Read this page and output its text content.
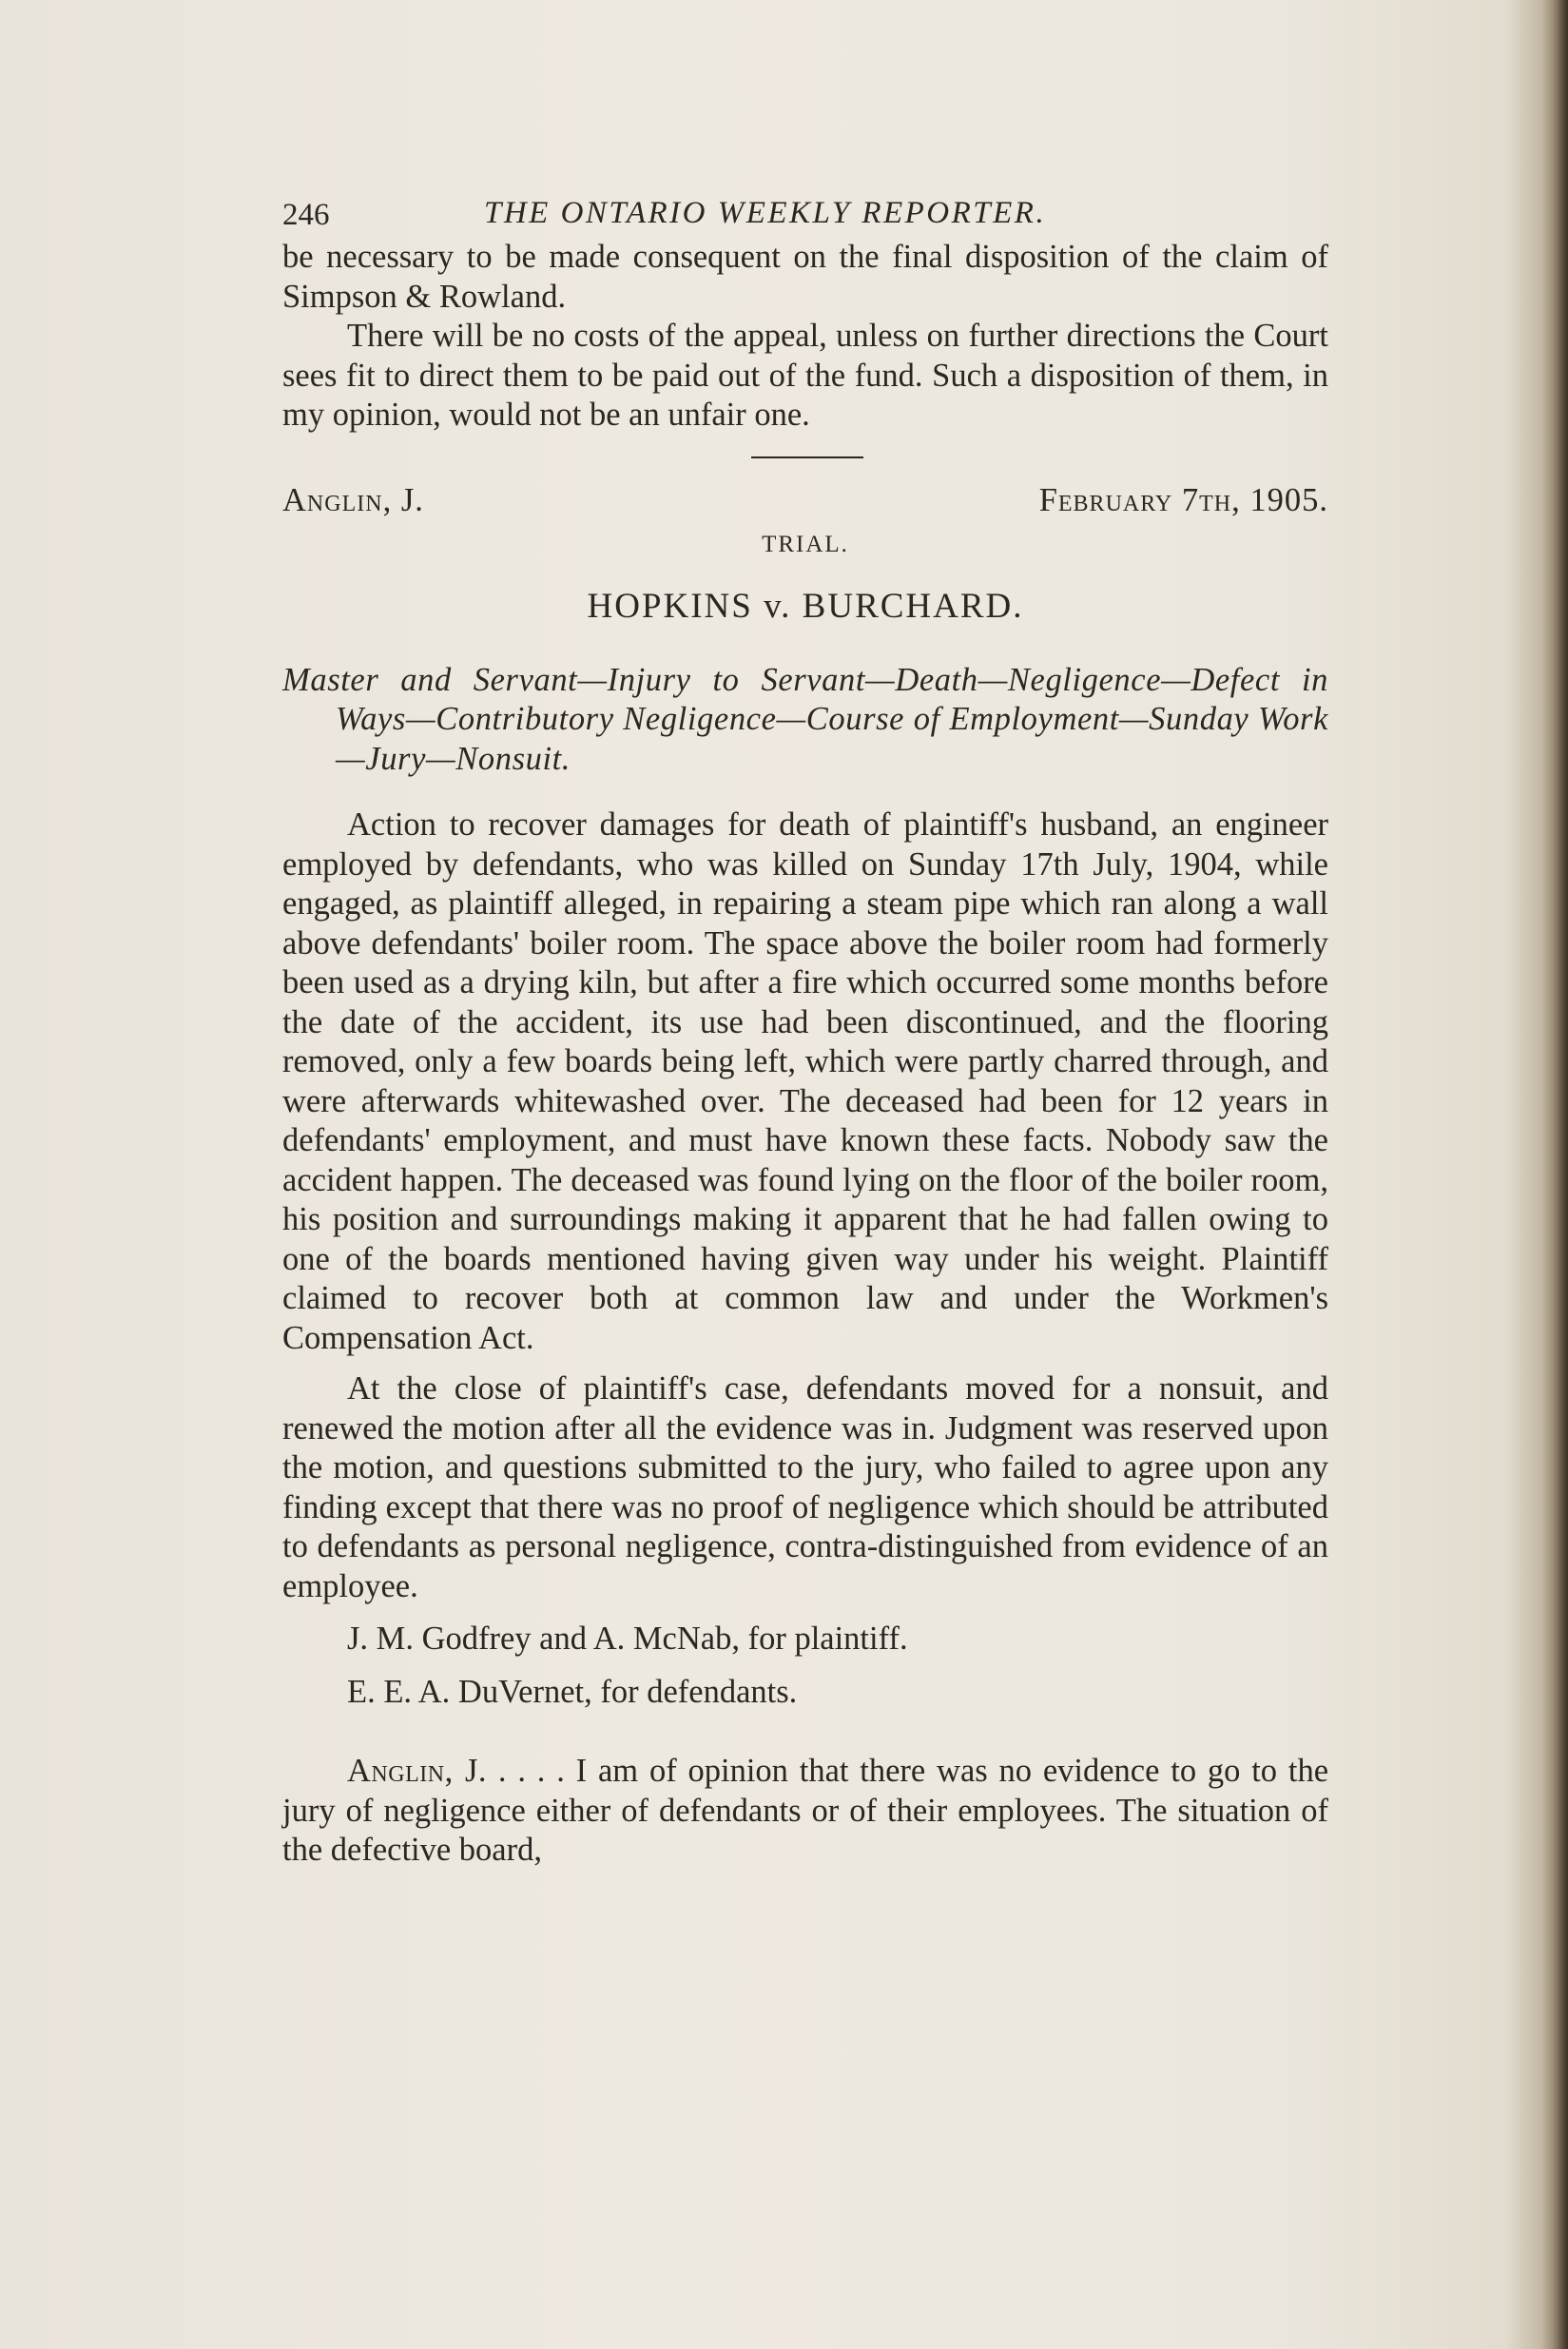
246	THE ONTARIO WEEKLY REPORTER.

be necessary to be made consequent on the final disposition of the claim of Simpson & Rowland.

There will be no costs of the appeal, unless on further directions the Court sees fit to direct them to be paid out of the fund. Such a disposition of them, in my opinion, would not be an unfair one.

Anglin, J.	February 7th, 1905.
TRIAL.
HOPKINS v. BURCHARD.

Master and Servant—Injury to Servant—Death—Negligence—Defect in Ways—Contributory Negligence—Course of Employment—Sunday Work—Jury—Nonsuit.

Action to recover damages for death of plaintiff's husband, an engineer employed by defendants, who was killed on Sunday 17th July, 1904, while engaged, as plaintiff alleged, in repairing a steam pipe which ran along a wall above defendants' boiler room. The space above the boiler room had formerly been used as a drying kiln, but after a fire which occurred some months before the date of the accident, its use had been discontinued, and the flooring removed, only a few boards being left, which were partly charred through, and were afterwards whitewashed over. The deceased had been for 12 years in defendants' employment, and must have known these facts. Nobody saw the accident happen. The deceased was found lying on the floor of the boiler room, his position and surroundings making it apparent that he had fallen owing to one of the boards mentioned having given way under his weight. Plaintiff claimed to recover both at common law and under the Workmen's Compensation Act.

At the close of plaintiff's case, defendants moved for a nonsuit, and renewed the motion after all the evidence was in. Judgment was reserved upon the motion, and questions submitted to the jury, who failed to agree upon any finding except that there was no proof of negligence which should be attributed to defendants as personal negligence, contra-distinguished from evidence of an employee.

J. M. Godfrey and A. McNab, for plaintiff.

E. E. A. DuVernet, for defendants.

Anglin, J. . . . . I am of opinion that there was no evidence to go to the jury of negligence either of defendants or of their employees. The situation of the defective board,
